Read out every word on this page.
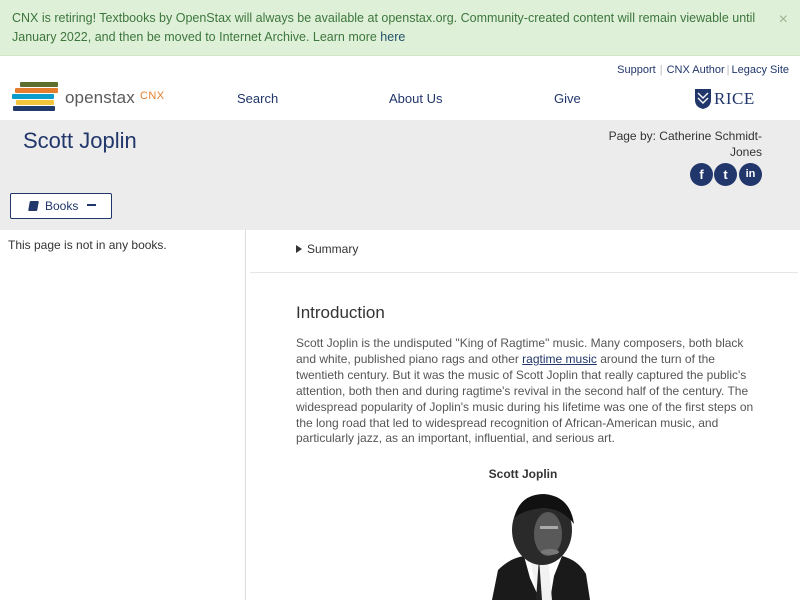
CNX is retiring! Textbooks by OpenStax will always be available at openstax.org. Community-created content will remain viewable until January 2022, and then be moved to Internet Archive. Learn more here
×
Support | CNX Author | Legacy Site
openstax CNX	Search	About Us	Give	RICE
Scott Joplin	Page by: Catherine Schmidt-Jones
f	t	in
Books

This page is not in any books.	Summary
Introduction

Scott Joplin is the undisputed "King of Ragtime" music. Many composers, both black and white, published piano rags and other ragtime music around the turn of the twentieth century. But it was the music of Scott Joplin that really captured the public's attention, both then and during ragtime's revival in the second half of the century. The widespread popularity of Joplin's music during his lifetime was one of the first steps on the long road that led to widespread recognition of African-American music, and particularly jazz, as an important, influential, and serious art.

Scott Joplin
